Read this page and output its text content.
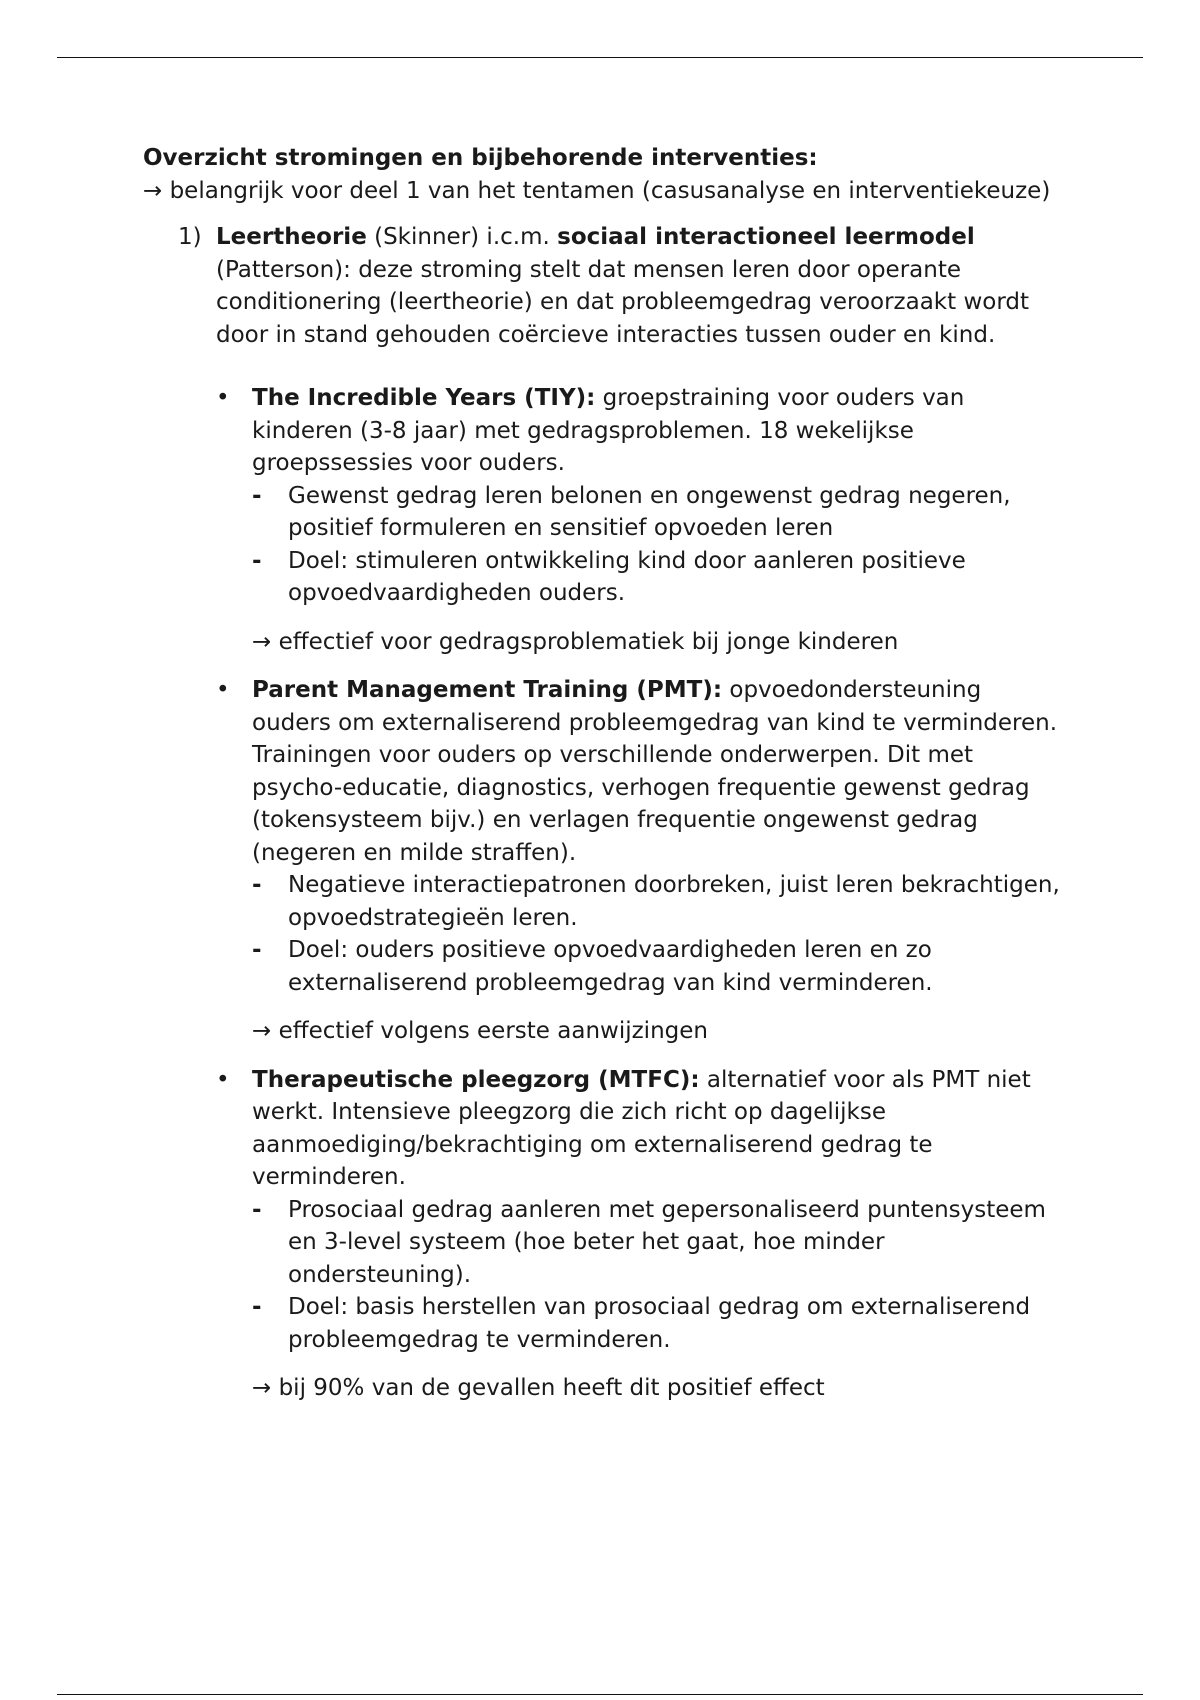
Overzicht stromingen en bijbehorende interventies:

→ belangrijk voor deel 1 van het tentamen (casusanalyse en interventiekeuze)

1) Leertheorie (Skinner) i.c.m. sociaal interactioneel leermodel (Patterson): deze stroming stelt dat mensen leren door operante conditionering (leertheorie) en dat probleemgedrag veroorzaakt wordt door in stand gehouden coërcieve interacties tussen ouder en kind.

• The Incredible Years (TIY): groepstraining voor ouders van kinderen (3-8 jaar) met gedragsproblemen. 18 wekelijkse groepssessies voor ouders.

- Gewenst gedrag leren belonen en ongewenst gedrag negeren, positief formuleren en sensitief opvoeden leren
- Doel: stimuleren ontwikkeling kind door aanleren positieve opvoedvaardigheden ouders.

→ effectief voor gedragsproblematiek bij jonge kinderen

• Parent Management Training (PMT): opvoedondersteuning ouders om externaliserend probleemgedrag van kind te verminderen. Trainingen voor ouders op verschillende onderwerpen. Dit met psycho-educatie, diagnostics, verhogen frequentie gewenst gedrag (tokensysteem bijv.) en verlagen frequentie ongewenst gedrag (negeren en milde straffen).

- Negatieve interactiepatronen doorbreken, juist leren bekrachtigen, opvoedstrategieën leren.
- Doel: ouders positieve opvoedvaardigheden leren en zo externaliserend probleemgedrag van kind verminderen.

→ effectief volgens eerste aanwijzingen

• Therapeutische pleegzorg (MTFC): alternatief voor als PMT niet werkt. Intensieve pleegzorg die zich richt op dagelijkse aanmoediging/bekrachtiging om externaliserend gedrag te verminderen.

- Prosociaal gedrag aanleren met gepersonaliseerd puntensysteem en 3-level systeem (hoe beter het gaat, hoe minder ondersteuning).
- Doel: basis herstellen van prosociaal gedrag om externaliserend probleemgedrag te verminderen.

→ bij 90% van de gevallen heeft dit positief effect
